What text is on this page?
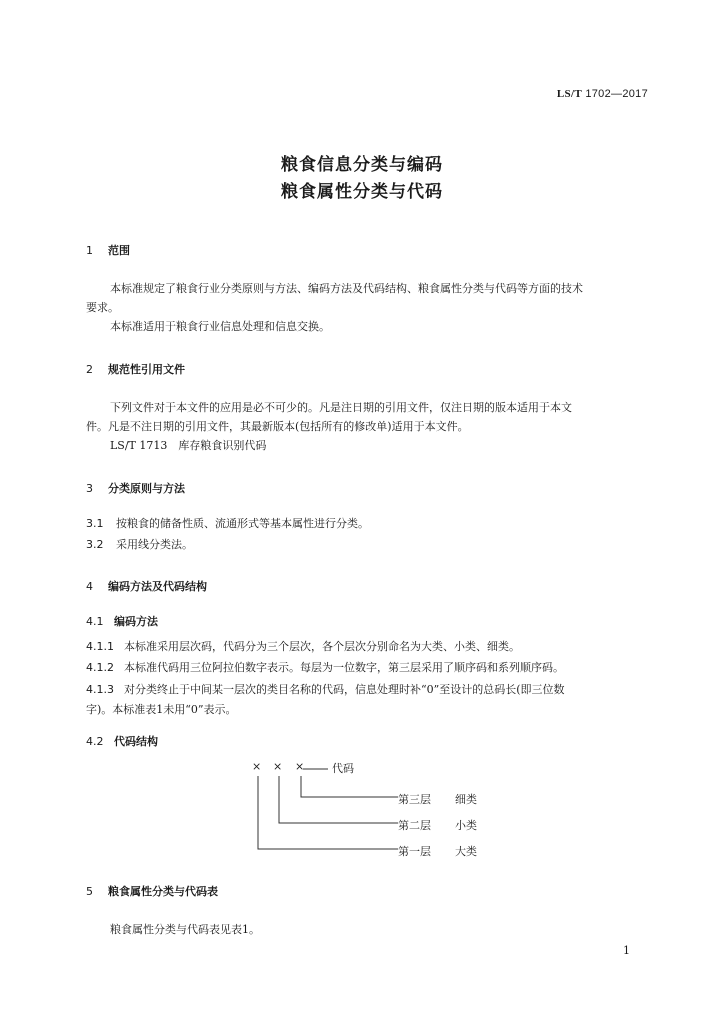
LS/T 1702—2017
粮食信息分类与编码
粮食属性分类与代码
1 范围
本标准规定了粮食行业分类原则与方法、编码方法及代码结构、粮食属性分类与代码等方面的技术
要求。
本标准适用于粮食行业信息处理和信息交换。
2 规范性引用文件
下列文件对于本文件的应用是必不可少的。凡是注日期的引用文件，仅注日期的版本适用于本文
件。凡是不注日期的引用文件，其最新版本(包括所有的修改单)适用于本文件。
LS/T 1713　库存粮食识别代码
3 分类原则与方法
3.1 按粮食的储备性质、流通形式等基本属性进行分类。
3.2 采用线分类法。
4 编码方法及代码结构
4.1 编码方法
4.1.1 本标准采用层次码，代码分为三个层次，各个层次分别命名为大类、小类、细类。
4.1.2 本标准代码用三位阿拉伯数字表示。每层为一位数字，第三层采用了顺序码和系列顺序码。
4.1.3 对分类终止于中间某一层次的类目名称的代码，信息处理时补“0”至设计的总码长(即三位数
字)。本标准表1未用“0”表示。
4.2 代码结构
× × ×	代码
第三层 细类
第二层 小类
第一层 大类
5 粮食属性分类与代码表
粮食属性分类与代码表见表1。
1
